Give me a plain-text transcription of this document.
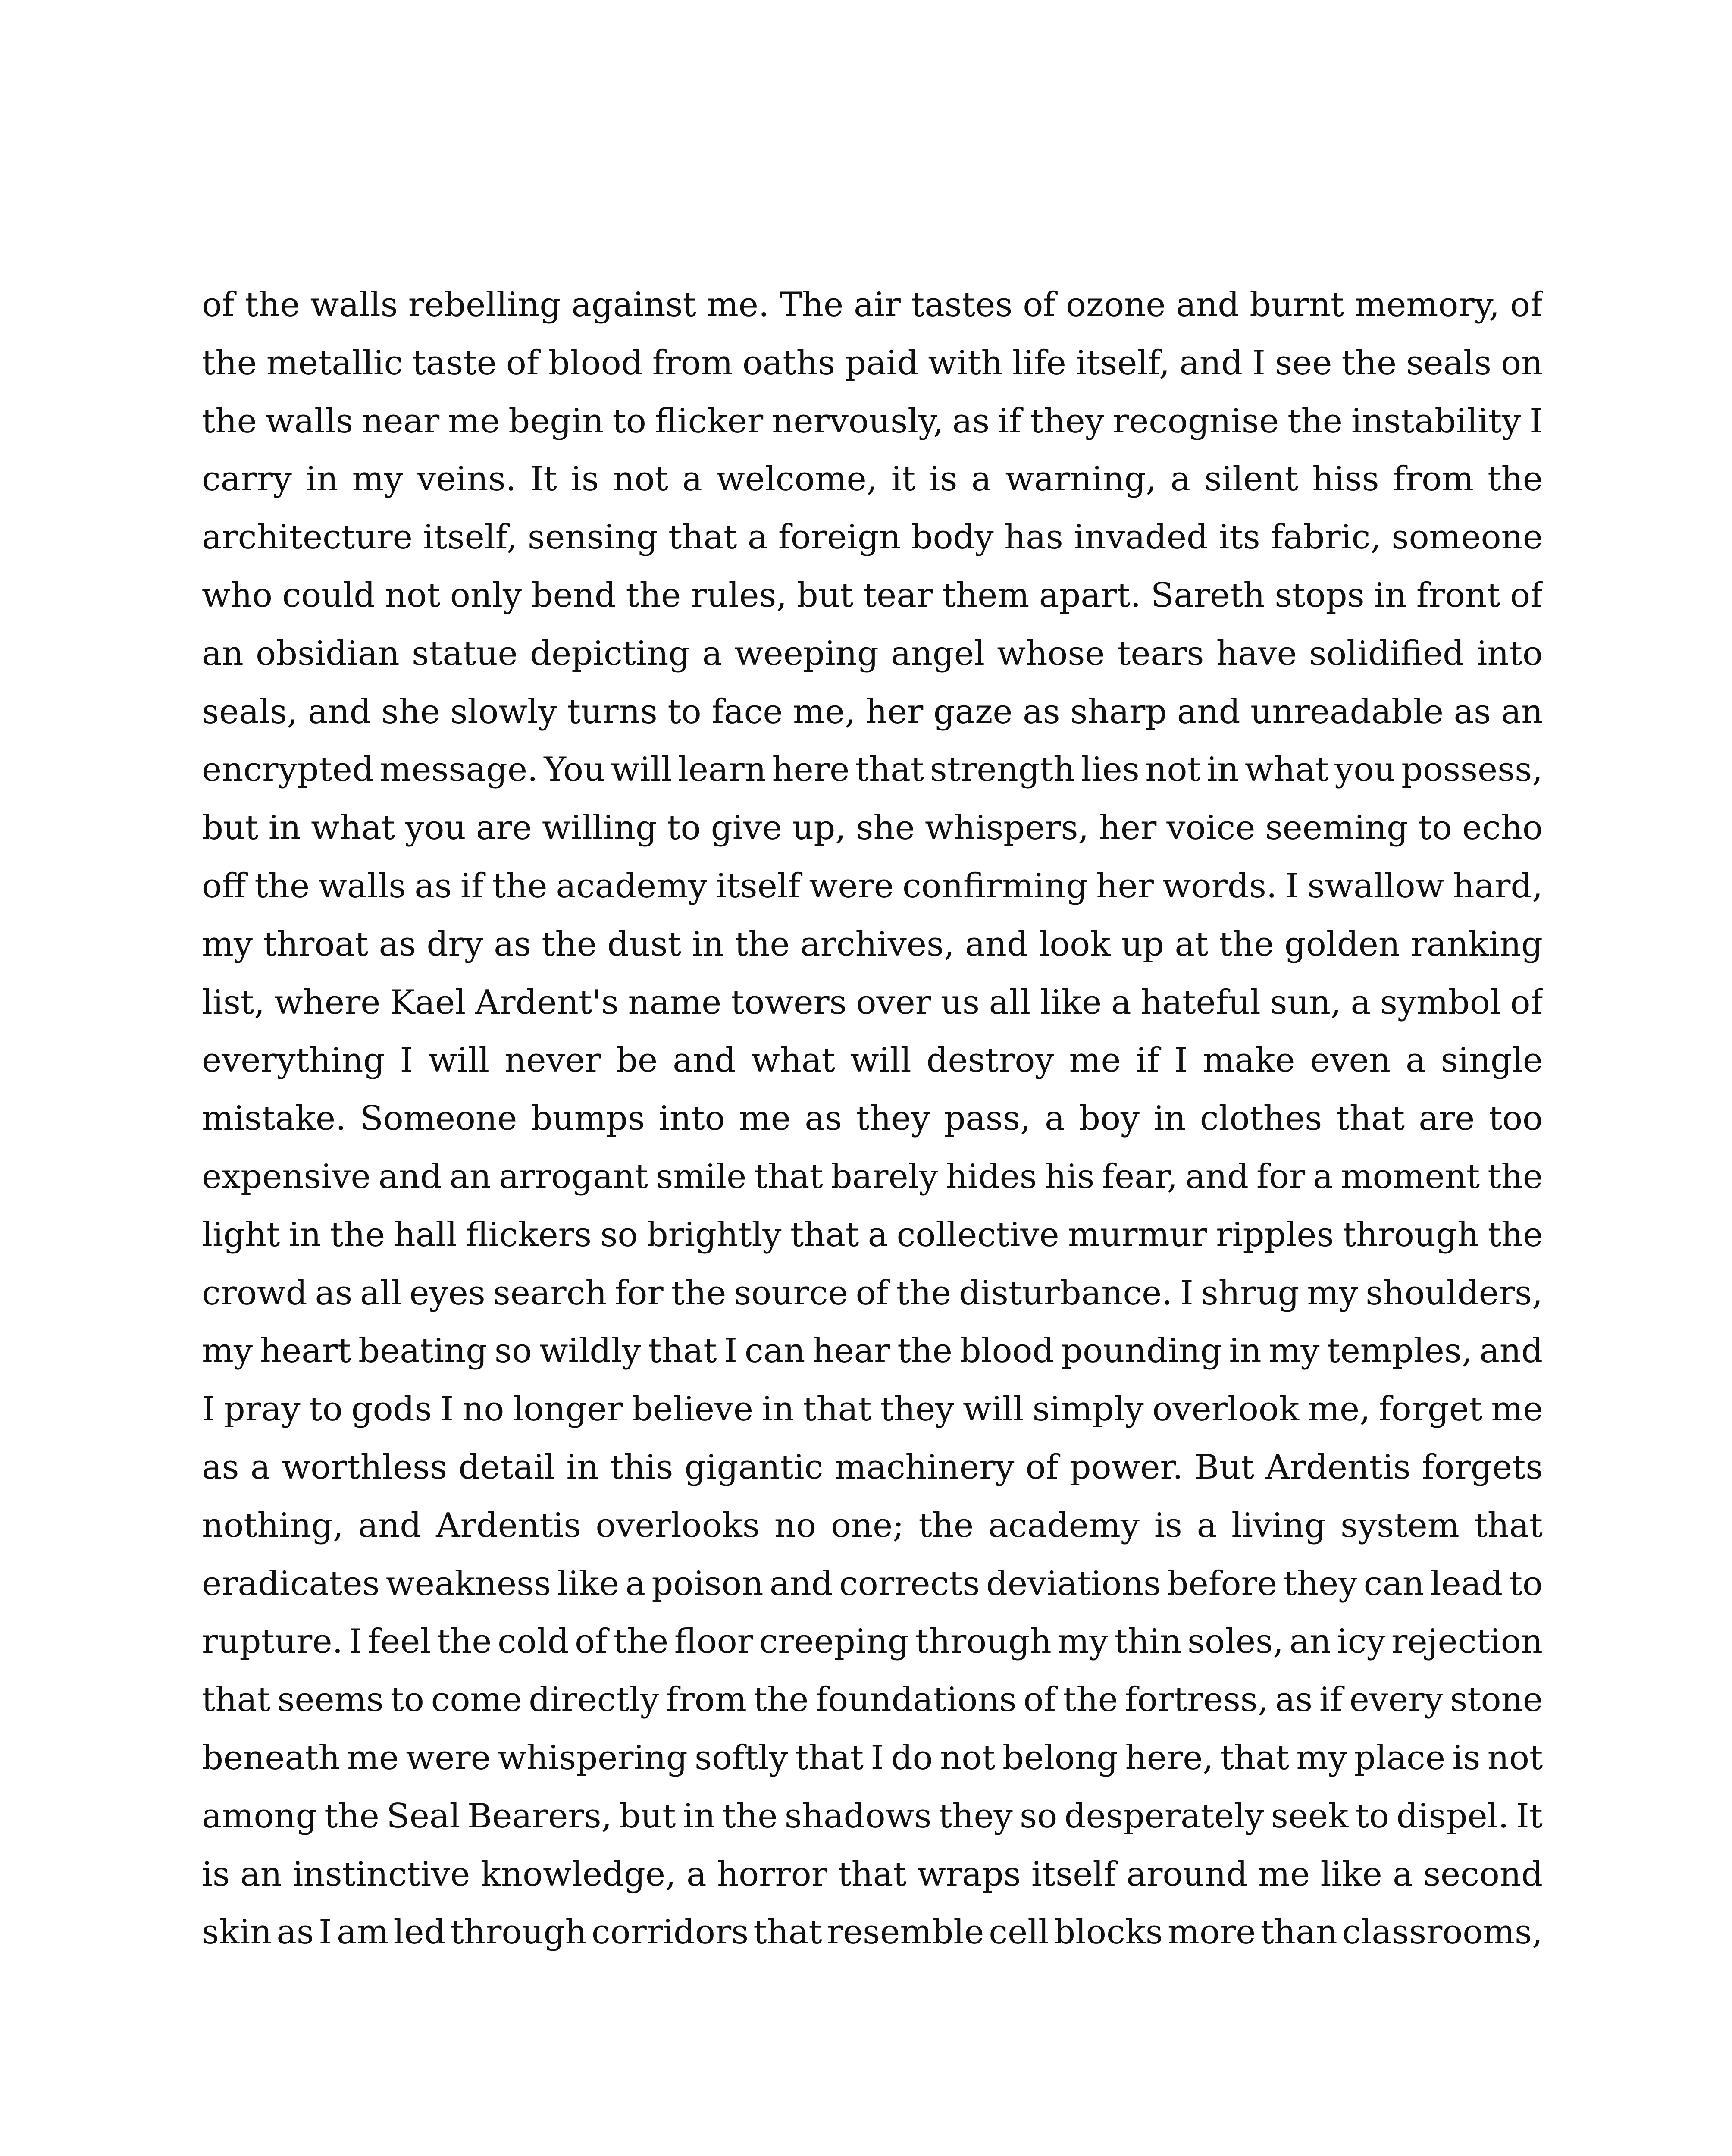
of the walls rebelling against me. The air tastes of ozone and burnt memory, of
the metallic taste of blood from oaths paid with life itself, and I see the seals on
the walls near me begin to flicker nervously, as if they recognise the instability I
carry in my veins. It is not a welcome, it is a warning, a silent hiss from the
architecture itself, sensing that a foreign body has invaded its fabric, someone
who could not only bend the rules, but tear them apart. Sareth stops in front of
an obsidian statue depicting a weeping angel whose tears have solidified into
seals, and she slowly turns to face me, her gaze as sharp and unreadable as an
encrypted message. You will learn here that strength lies not in what you possess,
but in what you are willing to give up, she whispers, her voice seeming to echo
off the walls as if the academy itself were confirming her words. I swallow hard,
my throat as dry as the dust in the archives, and look up at the golden ranking
list, where Kael Ardent's name towers over us all like a hateful sun, a symbol of
everything I will never be and what will destroy me if I make even a single
mistake. Someone bumps into me as they pass, a boy in clothes that are too
expensive and an arrogant smile that barely hides his fear, and for a moment the
light in the hall flickers so brightly that a collective murmur ripples through the
crowd as all eyes search for the source of the disturbance. I shrug my shoulders,
my heart beating so wildly that I can hear the blood pounding in my temples, and
I pray to gods I no longer believe in that they will simply overlook me, forget me
as a worthless detail in this gigantic machinery of power. But Ardentis forgets
nothing, and Ardentis overlooks no one; the academy is a living system that
eradicates weakness like a poison and corrects deviations before they can lead to
rupture. I feel the cold of the floor creeping through my thin soles, an icy rejection
that seems to come directly from the foundations of the fortress, as if every stone
beneath me were whispering softly that I do not belong here, that my place is not
among the Seal Bearers, but in the shadows they so desperately seek to dispel. It
is an instinctive knowledge, a horror that wraps itself around me like a second
skin as I am led through corridors that resemble cell blocks more than classrooms,
